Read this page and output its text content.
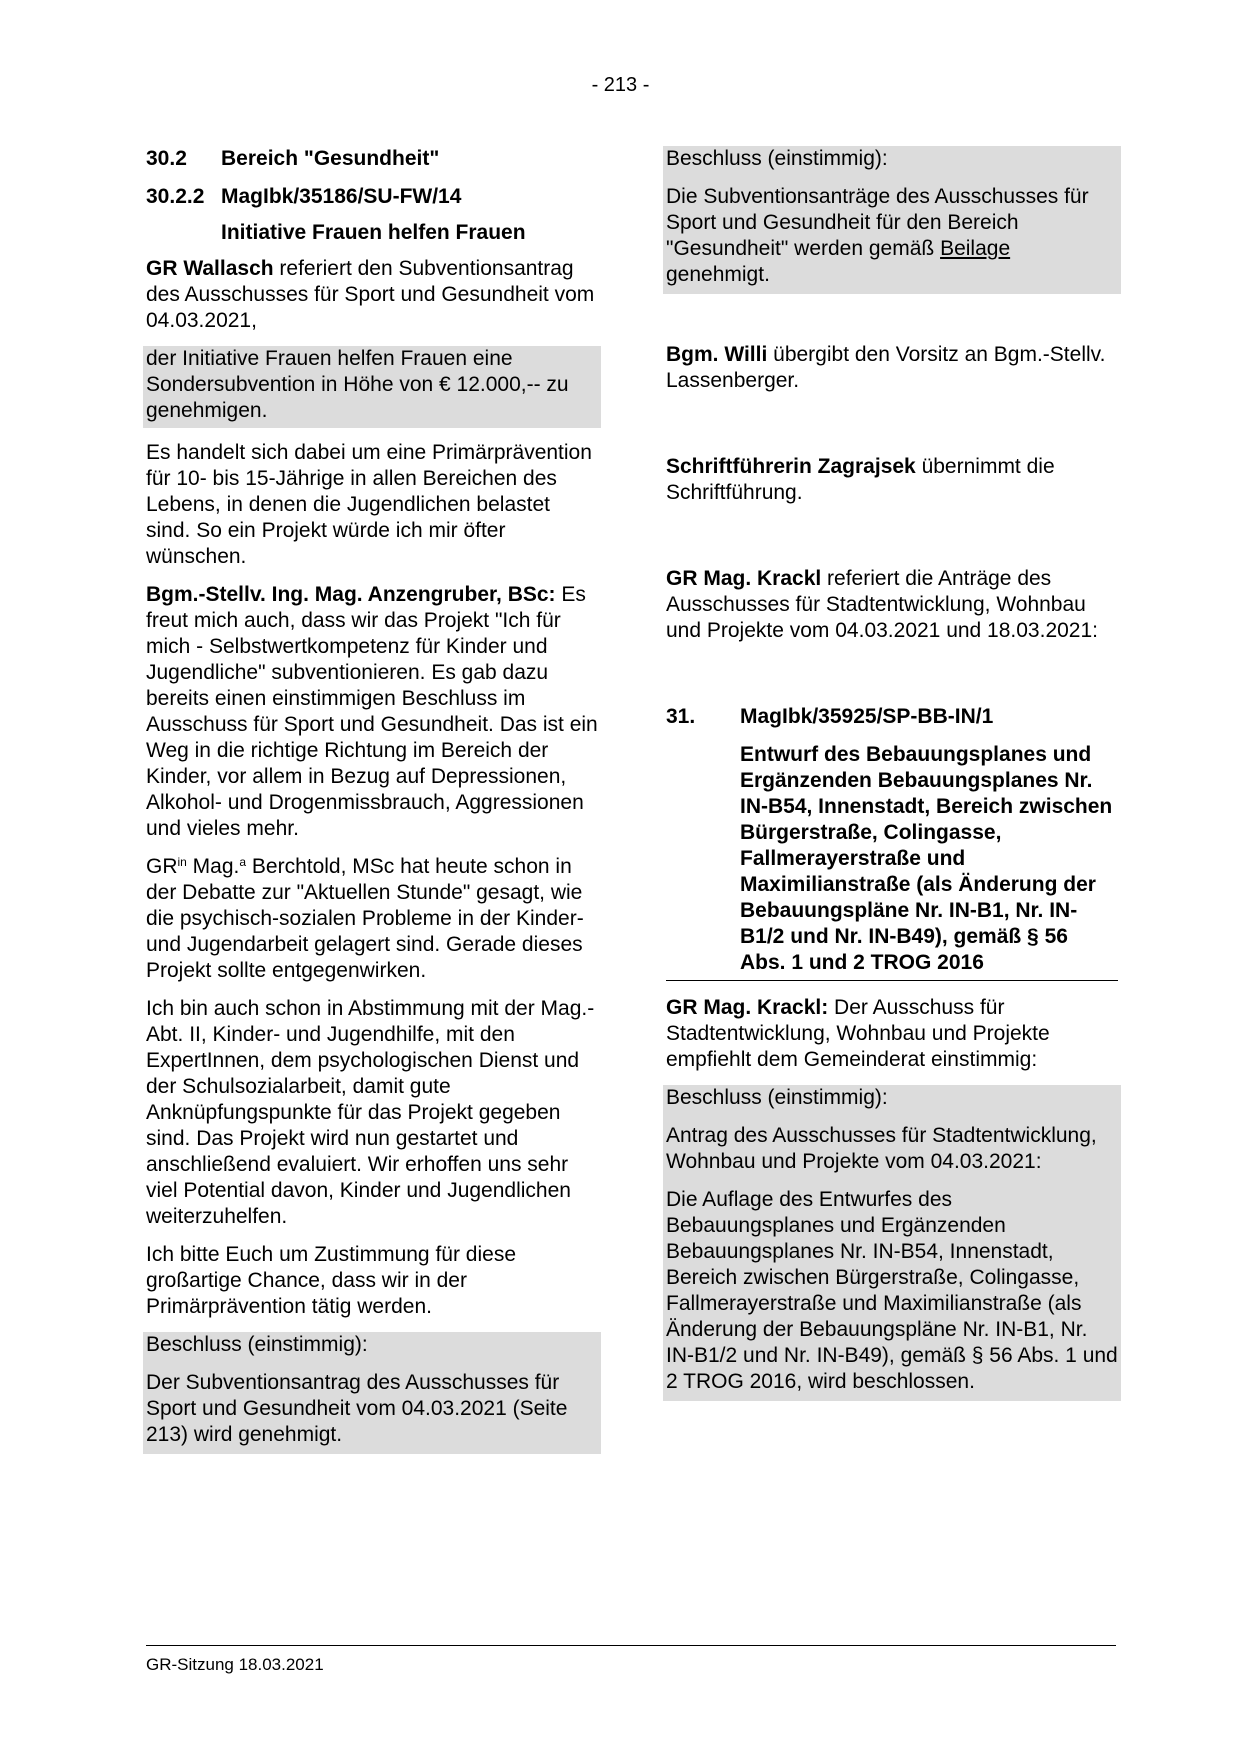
- 213 -
30.2	Bereich "Gesundheit"
30.2.2 MagIbk/35186/SU-FW/14

Initiative Frauen helfen Frauen

GR Wallasch referiert den Subventionsantrag des Ausschusses für Sport und Gesundheit vom 04.03.2021,

der Initiative Frauen helfen Frauen eine Sondersubvention in Höhe von € 12.000,-- zu genehmigen.

Es handelt sich dabei um eine Primärprävention für 10- bis 15-Jährige in allen Bereichen des Lebens, in denen die Jugendlichen belastet sind. So ein Projekt würde ich mir öfter wünschen.

Bgm.-Stellv. Ing. Mag. Anzengruber, BSc: Es freut mich auch, dass wir das Projekt "Ich für mich - Selbstwertkompetenz für Kinder und Jugendliche" subventionieren. Es gab dazu bereits einen einstimmigen Beschluss im Ausschuss für Sport und Gesundheit. Das ist ein Weg in die richtige Richtung im Bereich der Kinder, vor allem in Bezug auf Depressionen, Alkohol- und Drogenmissbrauch, Aggressionen und vieles mehr.

$GR^{in}$ Mag.$^a$ Berchtold, MSc hat heute schon in der Debatte zur "Aktuellen Stunde" gesagt, wie die psychisch-sozialen Probleme in der Kinder- und Jugendarbeit gelagert sind. Gerade dieses Projekt sollte entgegenwirken.

Ich bin auch schon in Abstimmung mit der Mag.-Abt. II, Kinder- und Jugendhilfe, mit den ExpertInnen, dem psychologischen Dienst und der Schulsozialarbeit, damit gute Anknüpfungspunkte für das Projekt gegeben sind. Das Projekt wird nun gestartet und anschließend evaluiert. Wir erhoffen uns sehr viel Potential davon, Kinder und Jugendlichen weiterzuhelfen.

Ich bitte Euch um Zustimmung für diese großartige Chance, dass wir in der Primärprävention tätig werden.

Beschluss (einstimmig):

Der Subventionsantrag des Ausschusses für Sport und Gesundheit vom 04.03.2021 (Seite 213) wird genehmigt.

Beschluss (einstimmig):

Die Subventionsanträge des Ausschusses für Sport und Gesundheit für den Bereich "Gesundheit" werden gemäß Beilage genehmigt.

Bgm. Willi übergibt den Vorsitz an Bgm.-Stellv. Lassenberger.

Schriftführerin Zagrajsek übernimmt die Schriftführung.

GR Mag. Krackl referiert die Anträge des Ausschusses für Stadtentwicklung, Wohnbau und Projekte vom 04.03.2021 und 18.03.2021:

31.	MagIbk/35925/SP-BB-IN/1

Entwurf des Bebauungsplanes und Ergänzenden Bebauungsplanes Nr. IN-B54, Innenstadt, Bereich zwischen Bürgerstraße, Colingasse, Fallmerayerstraße und Maximilianstraße (als Änderung der Bebauungspläne Nr. IN-B1, Nr. IN-B1/2 und Nr. IN-B49), gemäß § 56 Abs. 1 und 2 TROG 2016

GR Mag. Krackl: Der Ausschuss für Stadtentwicklung, Wohnbau und Projekte empfiehlt dem Gemeinderat einstimmig:

Beschluss (einstimmig):

Antrag des Ausschusses für Stadtentwicklung, Wohnbau und Projekte vom 04.03.2021:

Die Auflage des Entwurfes des Bebauungsplanes und Ergänzenden Bebauungsplanes Nr. IN-B54, Innenstadt, Bereich zwischen Bürgerstraße, Colingasse, Fallmerayerstraße und Maximilianstraße (als Änderung der Bebauungspläne Nr. IN-B1, Nr. IN-B1/2 und Nr. IN-B49), gemäß § 56 Abs. 1 und 2 TROG 2016, wird beschlossen.

GR-Sitzung 18.03.2021
